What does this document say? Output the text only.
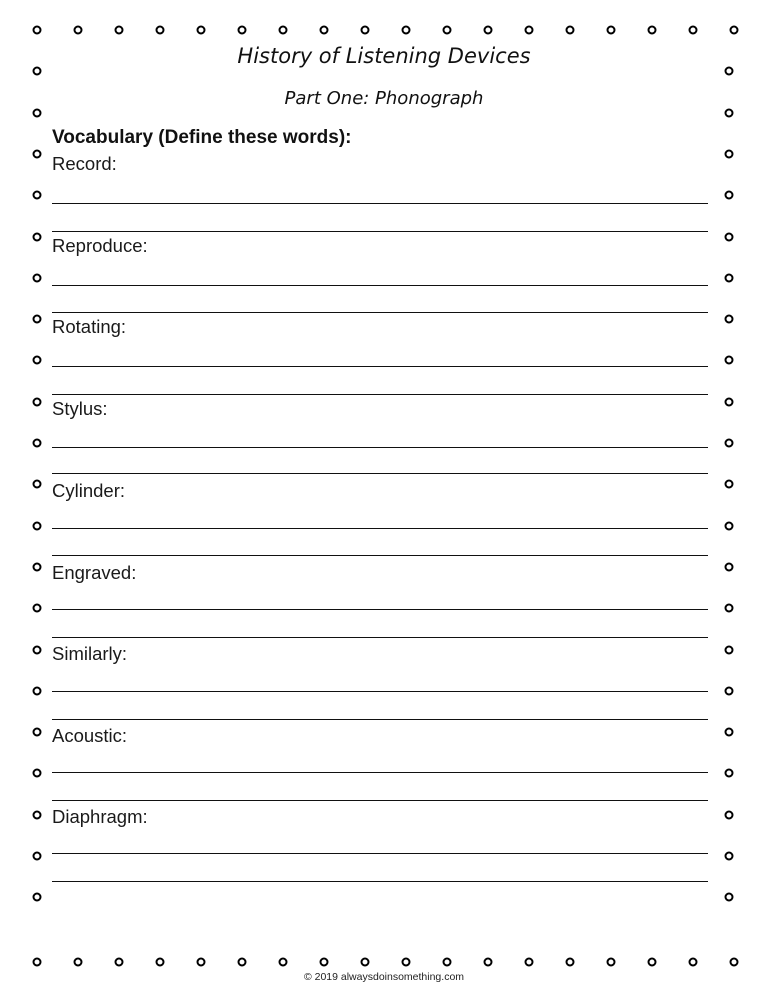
History of Listening Devices
Part One: Phonograph
Vocabulary (Define these words):
Record:
Reproduce:
Rotating:
Stylus:
Cylinder:
Engraved:
Similarly:
Acoustic:
Diaphragm:
© 2019 alwaysdoinsomething.com
